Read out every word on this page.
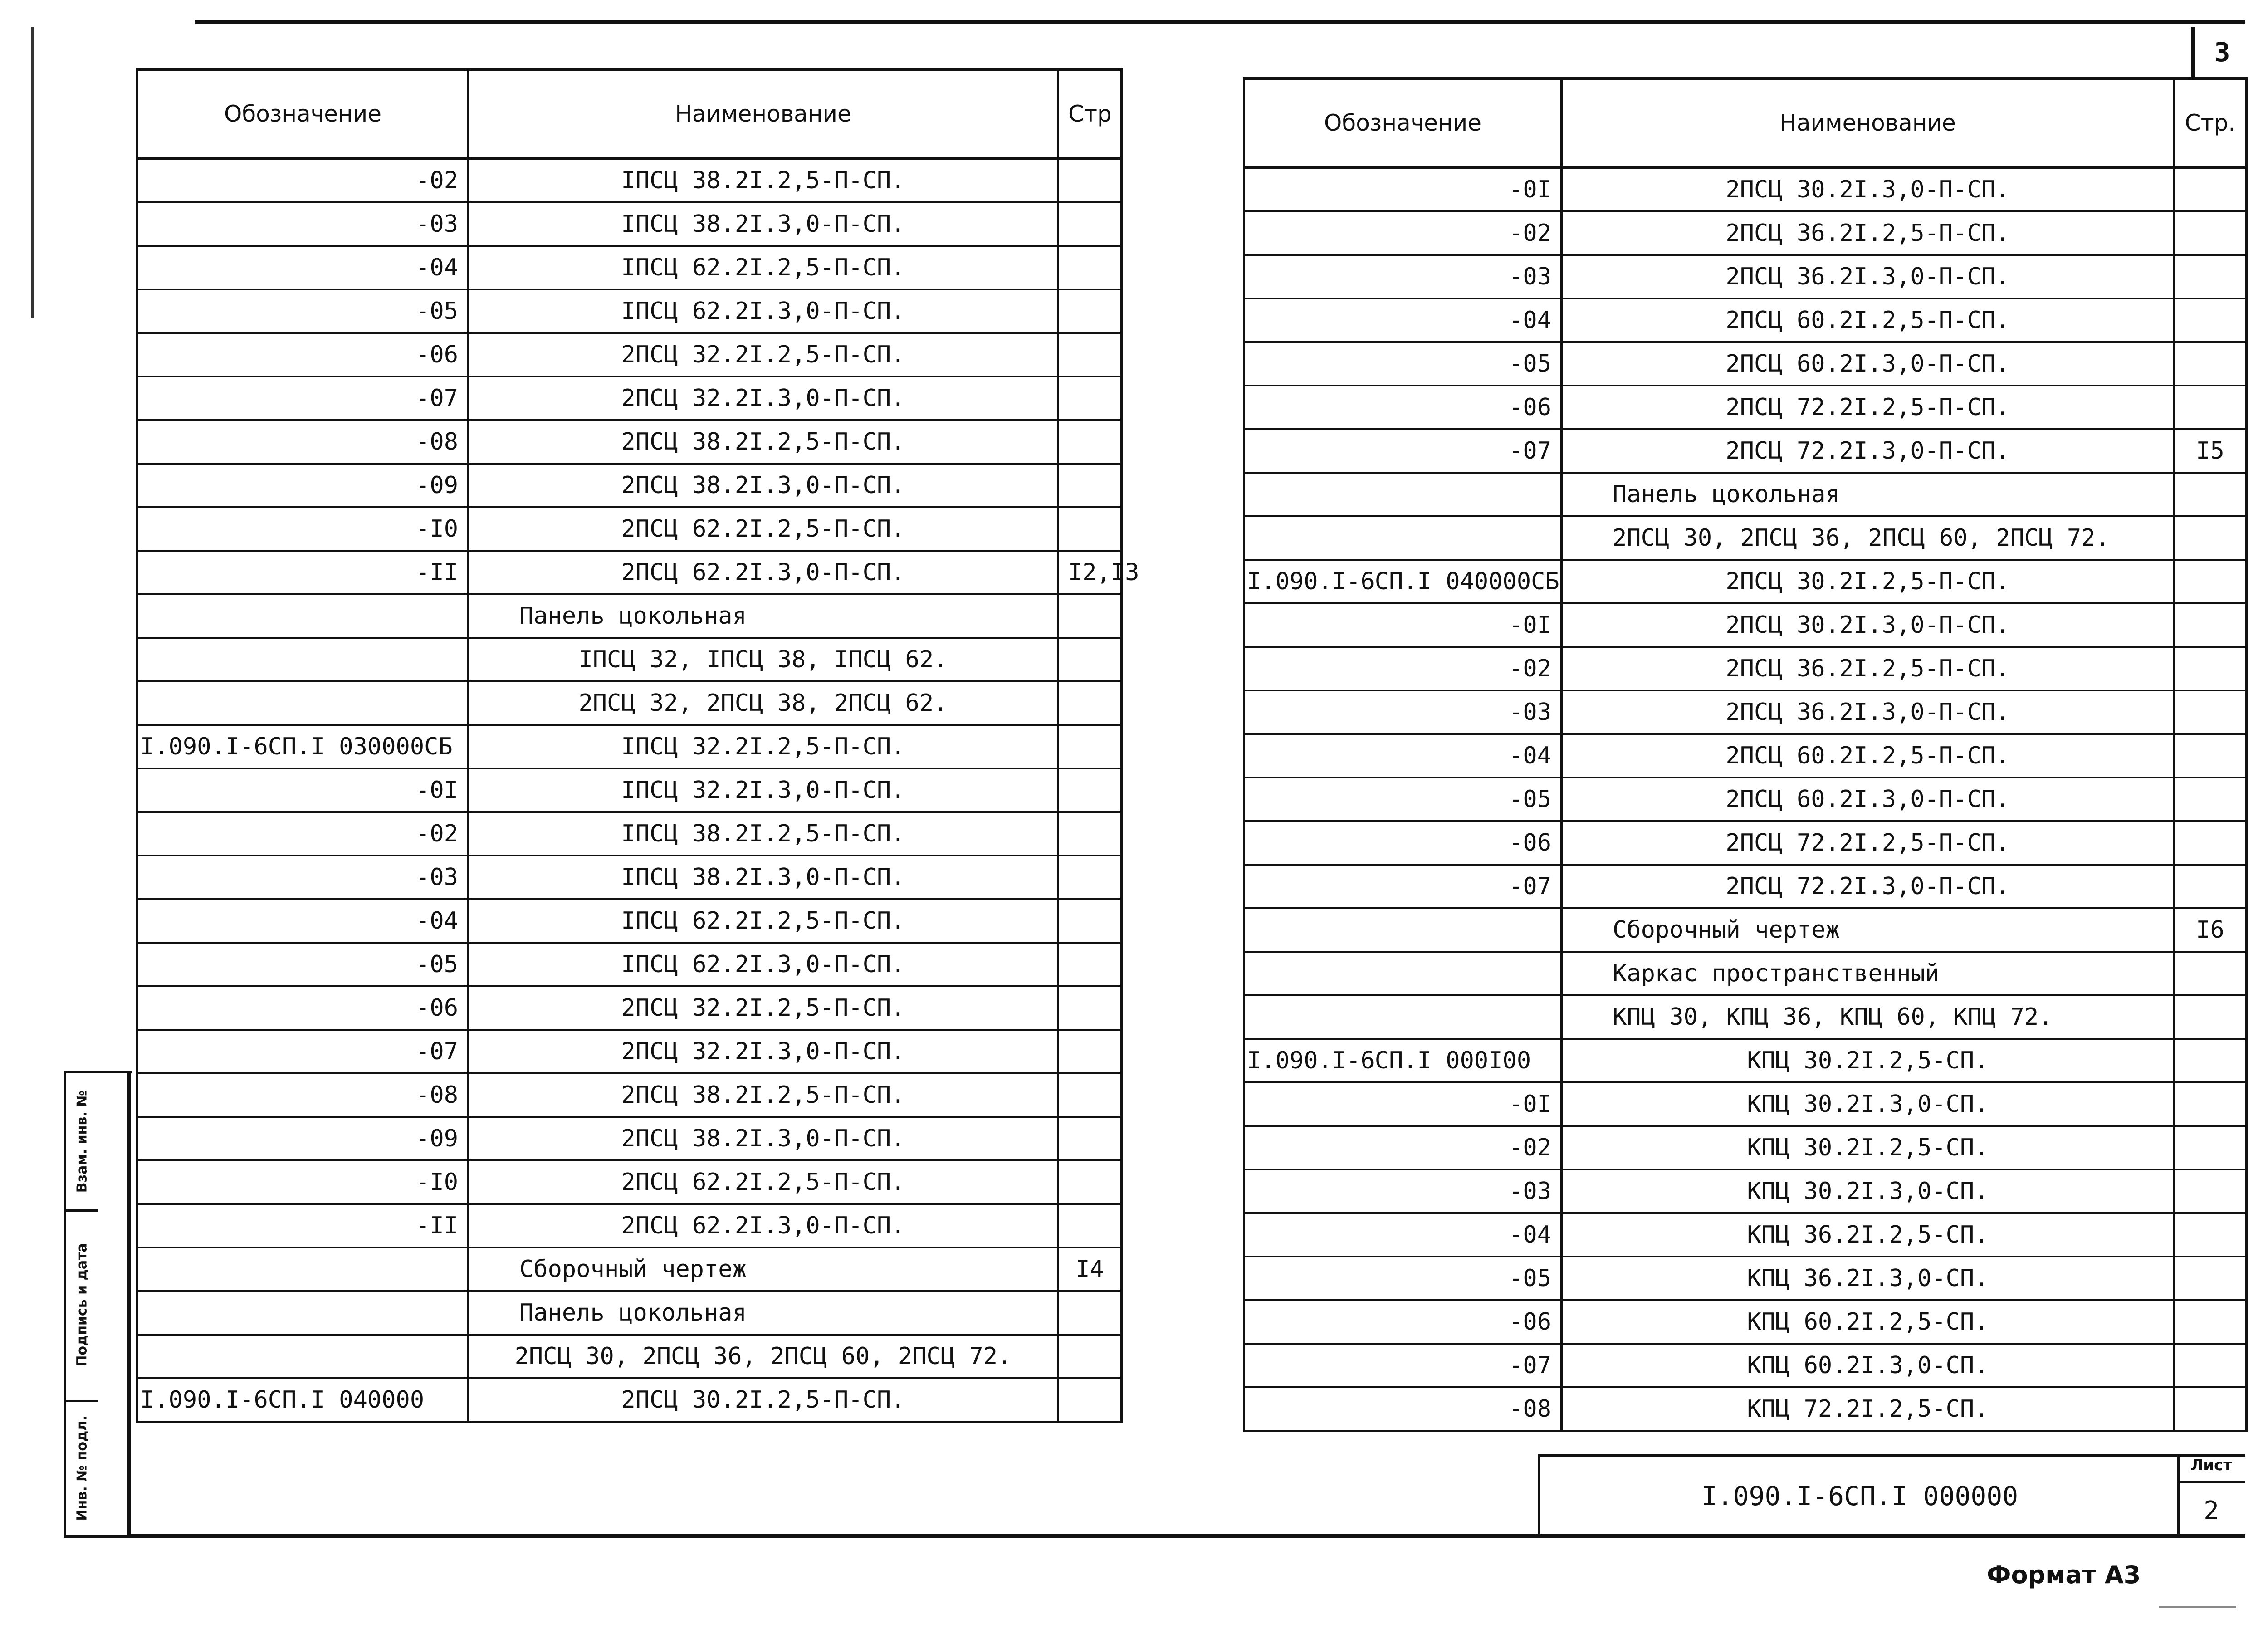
3
Обозначение	Наименование	Стр
-02	IПСЦ 38.2I.2,5-П-СП.	
-03	IПСЦ 38.2I.3,0-П-СП.	
-04	IПСЦ 62.2I.2,5-П-СП.	
-05	IПСЦ 62.2I.3,0-П-СП.	
-06	2ПСЦ 32.2I.2,5-П-СП.	
-07	2ПСЦ 32.2I.3,0-П-СП.	
-08	2ПСЦ 38.2I.2,5-П-СП.	
-09	2ПСЦ 38.2I.3,0-П-СП.	
-I0	2ПСЦ 62.2I.2,5-П-СП.	
-II	2ПСЦ 62.2I.3,0-П-СП.	I2,I3
	Панель цокольная	
	IПСЦ 32, IПСЦ 38, IПСЦ 62.	
	2ПСЦ 32, 2ПСЦ 38, 2ПСЦ 62.	
I.090.I-6СП.I 030000СБ	IПСЦ 32.2I.2,5-П-СП.	
-0I	IПСЦ 32.2I.3,0-П-СП.	
-02	IПСЦ 38.2I.2,5-П-СП.	
-03	IПСЦ 38.2I.3,0-П-СП.	
-04	IПСЦ 62.2I.2,5-П-СП.	
-05	IПСЦ 62.2I.3,0-П-СП.	
-06	2ПСЦ 32.2I.2,5-П-СП.	
-07	2ПСЦ 32.2I.3,0-П-СП.	
-08	2ПСЦ 38.2I.2,5-П-СП.	
-09	2ПСЦ 38.2I.3,0-П-СП.	
-I0	2ПСЦ 62.2I.2,5-П-СП.	
-II	2ПСЦ 62.2I.3,0-П-СП.	
	Сборочный чертеж	I4
	Панель цокольная	
	2ПСЦ 30, 2ПСЦ 36, 2ПСЦ 60, 2ПСЦ 72.	
I.090.I-6СП.I 040000	2ПСЦ 30.2I.2,5-П-СП.	
Обозначение	Наименование	Стр.
-0I	2ПСЦ 30.2I.3,0-П-СП.	
-02	2ПСЦ 36.2I.2,5-П-СП.	
-03	2ПСЦ 36.2I.3,0-П-СП.	
-04	2ПСЦ 60.2I.2,5-П-СП.	
-05	2ПСЦ 60.2I.3,0-П-СП.	
-06	2ПСЦ 72.2I.2,5-П-СП.	
-07	2ПСЦ 72.2I.3,0-П-СП.	I5
	Панель цокольная	
	2ПСЦ 30, 2ПСЦ 36, 2ПСЦ 60, 2ПСЦ 72.	
I.090.I-6СП.I 040000СБ	2ПСЦ 30.2I.2,5-П-СП.	
-0I	2ПСЦ 30.2I.3,0-П-СП.	
-02	2ПСЦ 36.2I.2,5-П-СП.	
-03	2ПСЦ 36.2I.3,0-П-СП.	
-04	2ПСЦ 60.2I.2,5-П-СП.	
-05	2ПСЦ 60.2I.3,0-П-СП.	
-06	2ПСЦ 72.2I.2,5-П-СП.	
-07	2ПСЦ 72.2I.3,0-П-СП.	
	Сборочный чертеж	I6
	Каркас пространственный	
	КПЦ 30, КПЦ 36, КПЦ 60, КПЦ 72.	
I.090.I-6СП.I 000I00	КПЦ 30.2I.2,5-СП.	
-0I	КПЦ 30.2I.3,0-СП.	
-02	КПЦ 30.2I.2,5-СП.	
-03	КПЦ 30.2I.3,0-СП.	
-04	КПЦ 36.2I.2,5-СП.	
-05	КПЦ 36.2I.3,0-СП.	
-06	КПЦ 60.2I.2,5-СП.	
-07	КПЦ 60.2I.3,0-СП.	
-08	КПЦ 72.2I.2,5-СП.	
Взам. инв. №
Подпись и дата
Инв. № подл.	I.090.I-6СП.I 000000
Лист
2
Формат А3
